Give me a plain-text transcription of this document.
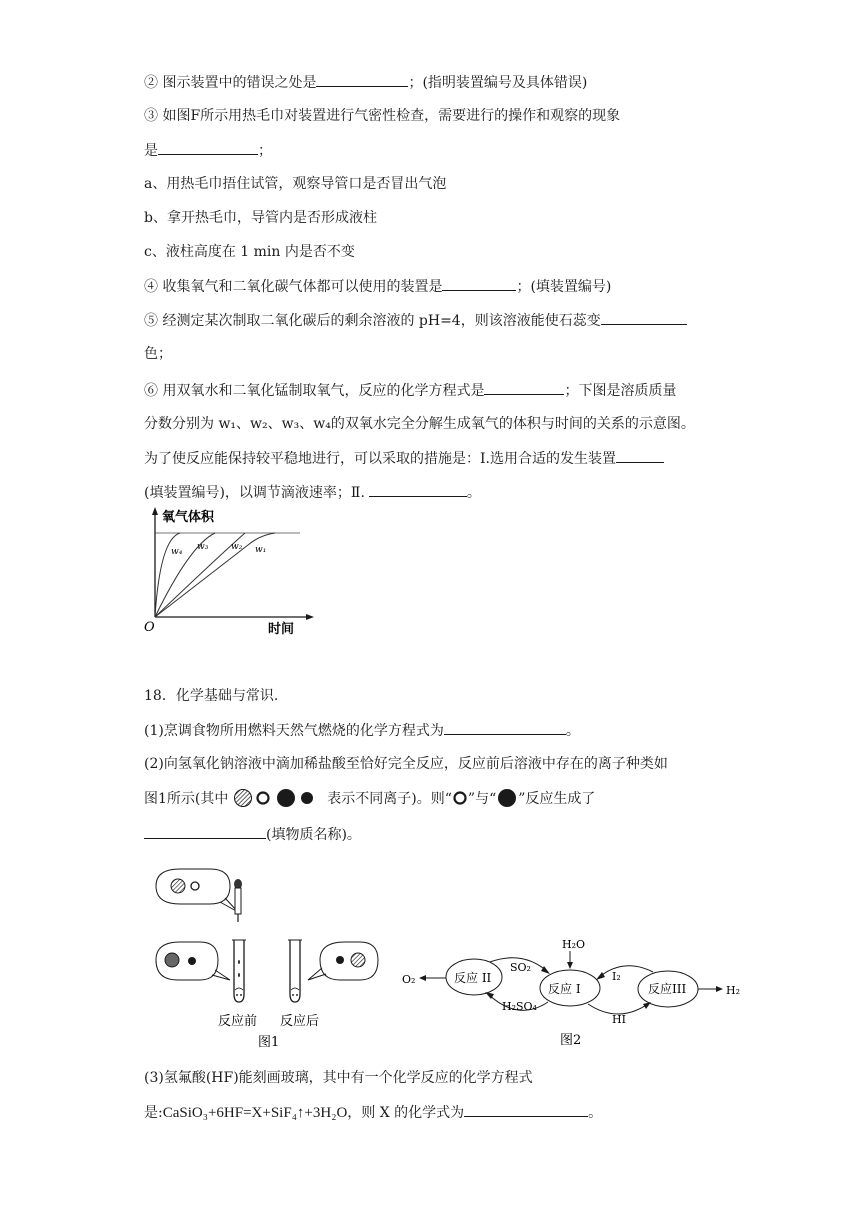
② 图示装置中的错误之处是	；(指明装置编号及具体错误)
③ 如图F所示用热毛巾对装置进行气密性检查，需要进行的操作和观察的现象
是	；
a、用热毛巾捂住试管，观察导管口是否冒出气泡
b、拿开热毛巾，导管内是否形成液柱
c、液柱高度在 1 min 内是否不变
④ 收集氧气和二氧化碳气体都可以使用的装置是	；(填装置编号)
⑤ 经测定某次制取二氧化碳后的剩余溶液的 pH=4，则该溶液能使石蕊变
色；
⑥ 用双氧水和二氧化锰制取氧气，反应的化学方程式是	；下图是溶质质量
分数分别为 w₁、w₂、w₃、w₄的双氧水完全分解生成氧气的体积与时间的关系的示意图。
为了使反应能保持较平稳地进行，可以采取的措施是：Ⅰ.选用合适的发生装置
(填装置编号)，以调节滴液速率；Ⅱ.	。
氧气体积
时间
O
w₄ w₃	w₂ w₁
18．化学基础与常识.
(1)烹调食物所用燃料天然气燃烧的化学方程式为	。
(2)向氢氧化钠溶液中滴加稀盐酸至恰好完全反应，反应前后溶液中存在的离子种类如
图1所示(其中	表示不同离子)。则“ ”与“ ”反应生成了
(填物质名称)。
反应前 反应后
图1
H₂O
反应 I
反应 II
反应III
O₂
H₂
SO₂
H₂SO₄
I₂
HI
图2
(3)氢氟酸(HF)能刻画玻璃，其中有一个化学反应的化学方程式
是:CaSiO₃+6HF=X+SiF₄↑+3H₂O，则 X 的化学式为	。
